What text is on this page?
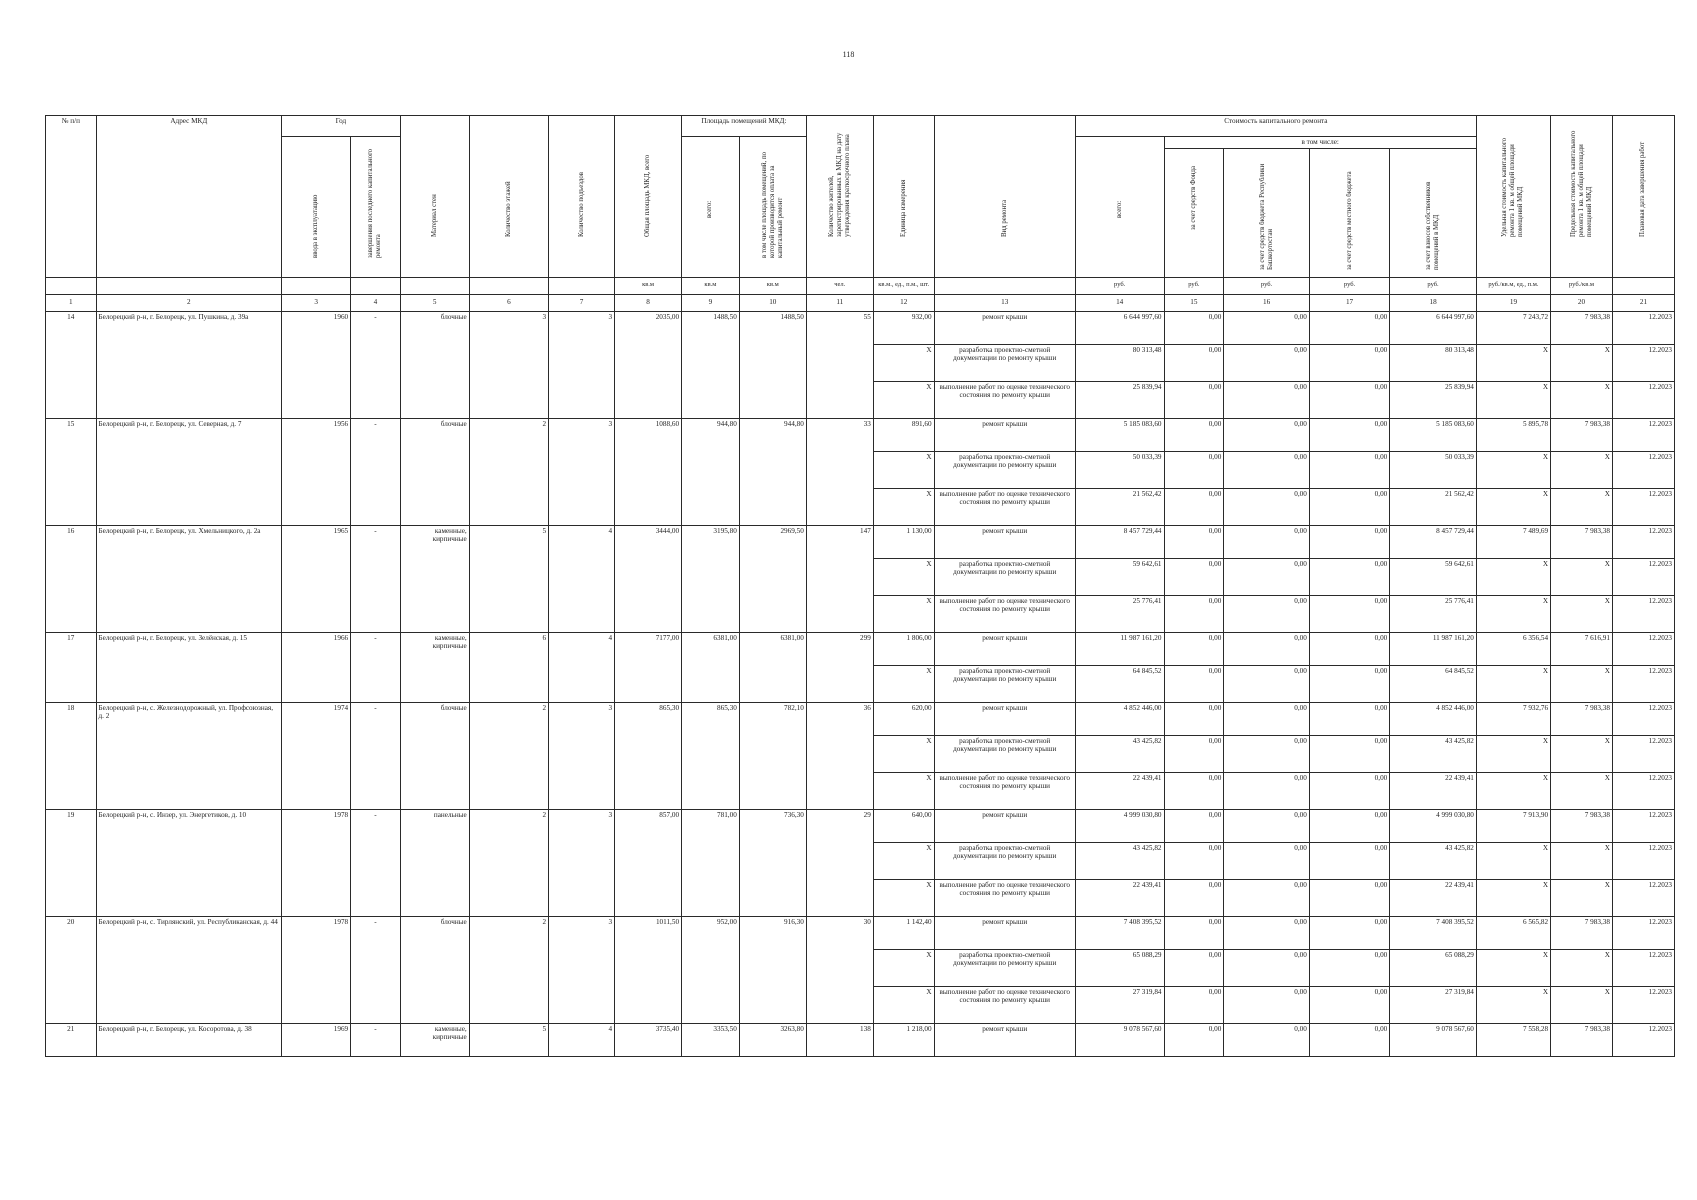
118
№ п/п	Адрес МКД	Год		Материал стен	Количество этажей	Количество подъездов	Общая площадь МКД, всего	Площадь помещений МКД:		Количество жителей, зарегистрированных в МКД на дату утверждения краткосрочного плана	Единица измерения	Вид ремонта	Стоимость капитального ремонта					Удельная стоимость капитального ремонта 1 кв. м общей площади помещений МКД	Предельная стоимость капитального ремонта 1 кв. м общей площади помещений МКД	Плановая дата завершения работ

		ввода в эксплуатацию	завершения последнего капитального ремонта					всего:	в том числе площадь помещений, по которой производится оплата за капитальный ремонт				всего:	в том числе:						

														за счет средств Фонда	за счет средств бюджета Республики Башкортостан	за счет средств местного бюджета	за счет взносов собственников помещений в МКД			

							кв.м	кв.м	кв.м	чел.	кв.м., ед., п.м., шт.		руб.	руб.	руб.	руб.	руб.	руб./кв.м, ед., п.м.	руб./кв.м	
1	2	3	4	5	6	7	8	9	10	11	12	13	14	15	16	17	18	19	20	21
14	Белорецкий р-н, г. Белорецк, ул. Пушкина, д. 39а	1960	-	блочные	3	3	2035,00	1488,50	1488,50	55	932,00	ремонт крыши	6 644 997,60	0,00	0,00	0,00	6 644 997,60	7 243,72	7 983,38	12.2023
											X	разработка проектно-сметной документации по ремонту крыши	80 313,48	0,00	0,00	0,00	80 313,48	X	X	12.2023
											X	выполнение работ по оценке технического состояния по ремонту крыши	25 839,94	0,00	0,00	0,00	25 839,94	X	X	12.2023
15	Белорецкий р-н, г. Белорецк, ул. Северная, д. 7	1956	-	блочные	2	3	1088,60	944,80	944,80	33	891,60	ремонт крыши	5 185 083,60	0,00	0,00	0,00	5 185 083,60	5 895,78	7 983,38	12.2023
											X	разработка проектно-сметной документации по ремонту крыши	50 033,39	0,00	0,00	0,00	50 033,39	X	X	12.2023
											X	выполнение работ по оценке технического состояния по ремонту крыши	21 562,42	0,00	0,00	0,00	21 562,42	X	X	12.2023
16	Белорецкий р-н, г. Белорецк, ул. Хмельницкого, д. 2а	1965	-	каменные, кирпичные	5	4	3444,00	3195,80	2969,50	147	1 130,00	ремонт крыши	8 457 729,44	0,00	0,00	0,00	8 457 729,44	7 489,69	7 983,38	12.2023
											X	разработка проектно-сметной документации по ремонту крыши	59 642,61	0,00	0,00	0,00	59 642,61	X	X	12.2023
											X	выполнение работ по оценке технического состояния по ремонту крыши	25 776,41	0,00	0,00	0,00	25 776,41	X	X	12.2023
17	Белорецкий р-н, г. Белорецк, ул. Зелёнская, д. 15	1966	-	каменные, кирпичные	6	4	7177,00	6381,00	6381,00	299	1 806,00	ремонт крыши	11 987 161,20	0,00	0,00	0,00	11 987 161,20	6 356,54	7 616,91	12.2023
											X	разработка проектно-сметной документации по ремонту крыши	64 845,52	0,00	0,00	0,00	64 845,52	X	X	12.2023
18	Белорецкий р-н, с. Железнодорожный, ул. Профсоюзная, д. 2	1974	-	блочные	2	3	865,30	865,30	782,10	36	620,00	ремонт крыши	4 852 446,00	0,00	0,00	0,00	4 852 446,00	7 932,76	7 983,38	12.2023
											X	разработка проектно-сметной документации по ремонту крыши	43 425,82	0,00	0,00	0,00	43 425,82	X	X	12.2023
											X	выполнение работ по оценке технического состояния по ремонту крыши	22 439,41	0,00	0,00	0,00	22 439,41	X	X	12.2023
19	Белорецкий р-н, с. Инзер, ул. Энергетиков, д. 10	1978	-	панельные	2	3	857,00	781,00	736,30	29	640,00	ремонт крыши	4 999 030,80	0,00	0,00	0,00	4 999 030,80	7 913,90	7 983,38	12.2023
											X	разработка проектно-сметной документации по ремонту крыши	43 425,82	0,00	0,00	0,00	43 425,82	X	X	12.2023
											X	выполнение работ по оценке технического состояния по ремонту крыши	22 439,41	0,00	0,00	0,00	22 439,41	X	X	12.2023
20	Белорецкий р-н, с. Тирлянский, ул. Республиканская, д. 44	1978	-	блочные	2	3	1011,50	952,00	916,30	30	1 142,40	ремонт крыши	7 408 395,52	0,00	0,00	0,00	7 408 395,52	6 565,82	7 983,38	12.2023
											X	разработка проектно-сметной документации по ремонту крыши	65 088,29	0,00	0,00	0,00	65 088,29	X	X	12.2023
											X	выполнение работ по оценке технического состояния по ремонту крыши	27 319,84	0,00	0,00	0,00	27 319,84	X	X	12.2023
21	Белорецкий р-н, г. Белорецк, ул. Косоротова, д. 38	1969	-	каменные, кирпичные	5	4	3735,40	3353,50	3263,80	138	1 218,00	ремонт крыши	9 078 567,60	0,00	0,00	0,00	9 078 567,60	7 558,28	7 983,38	12.2023
